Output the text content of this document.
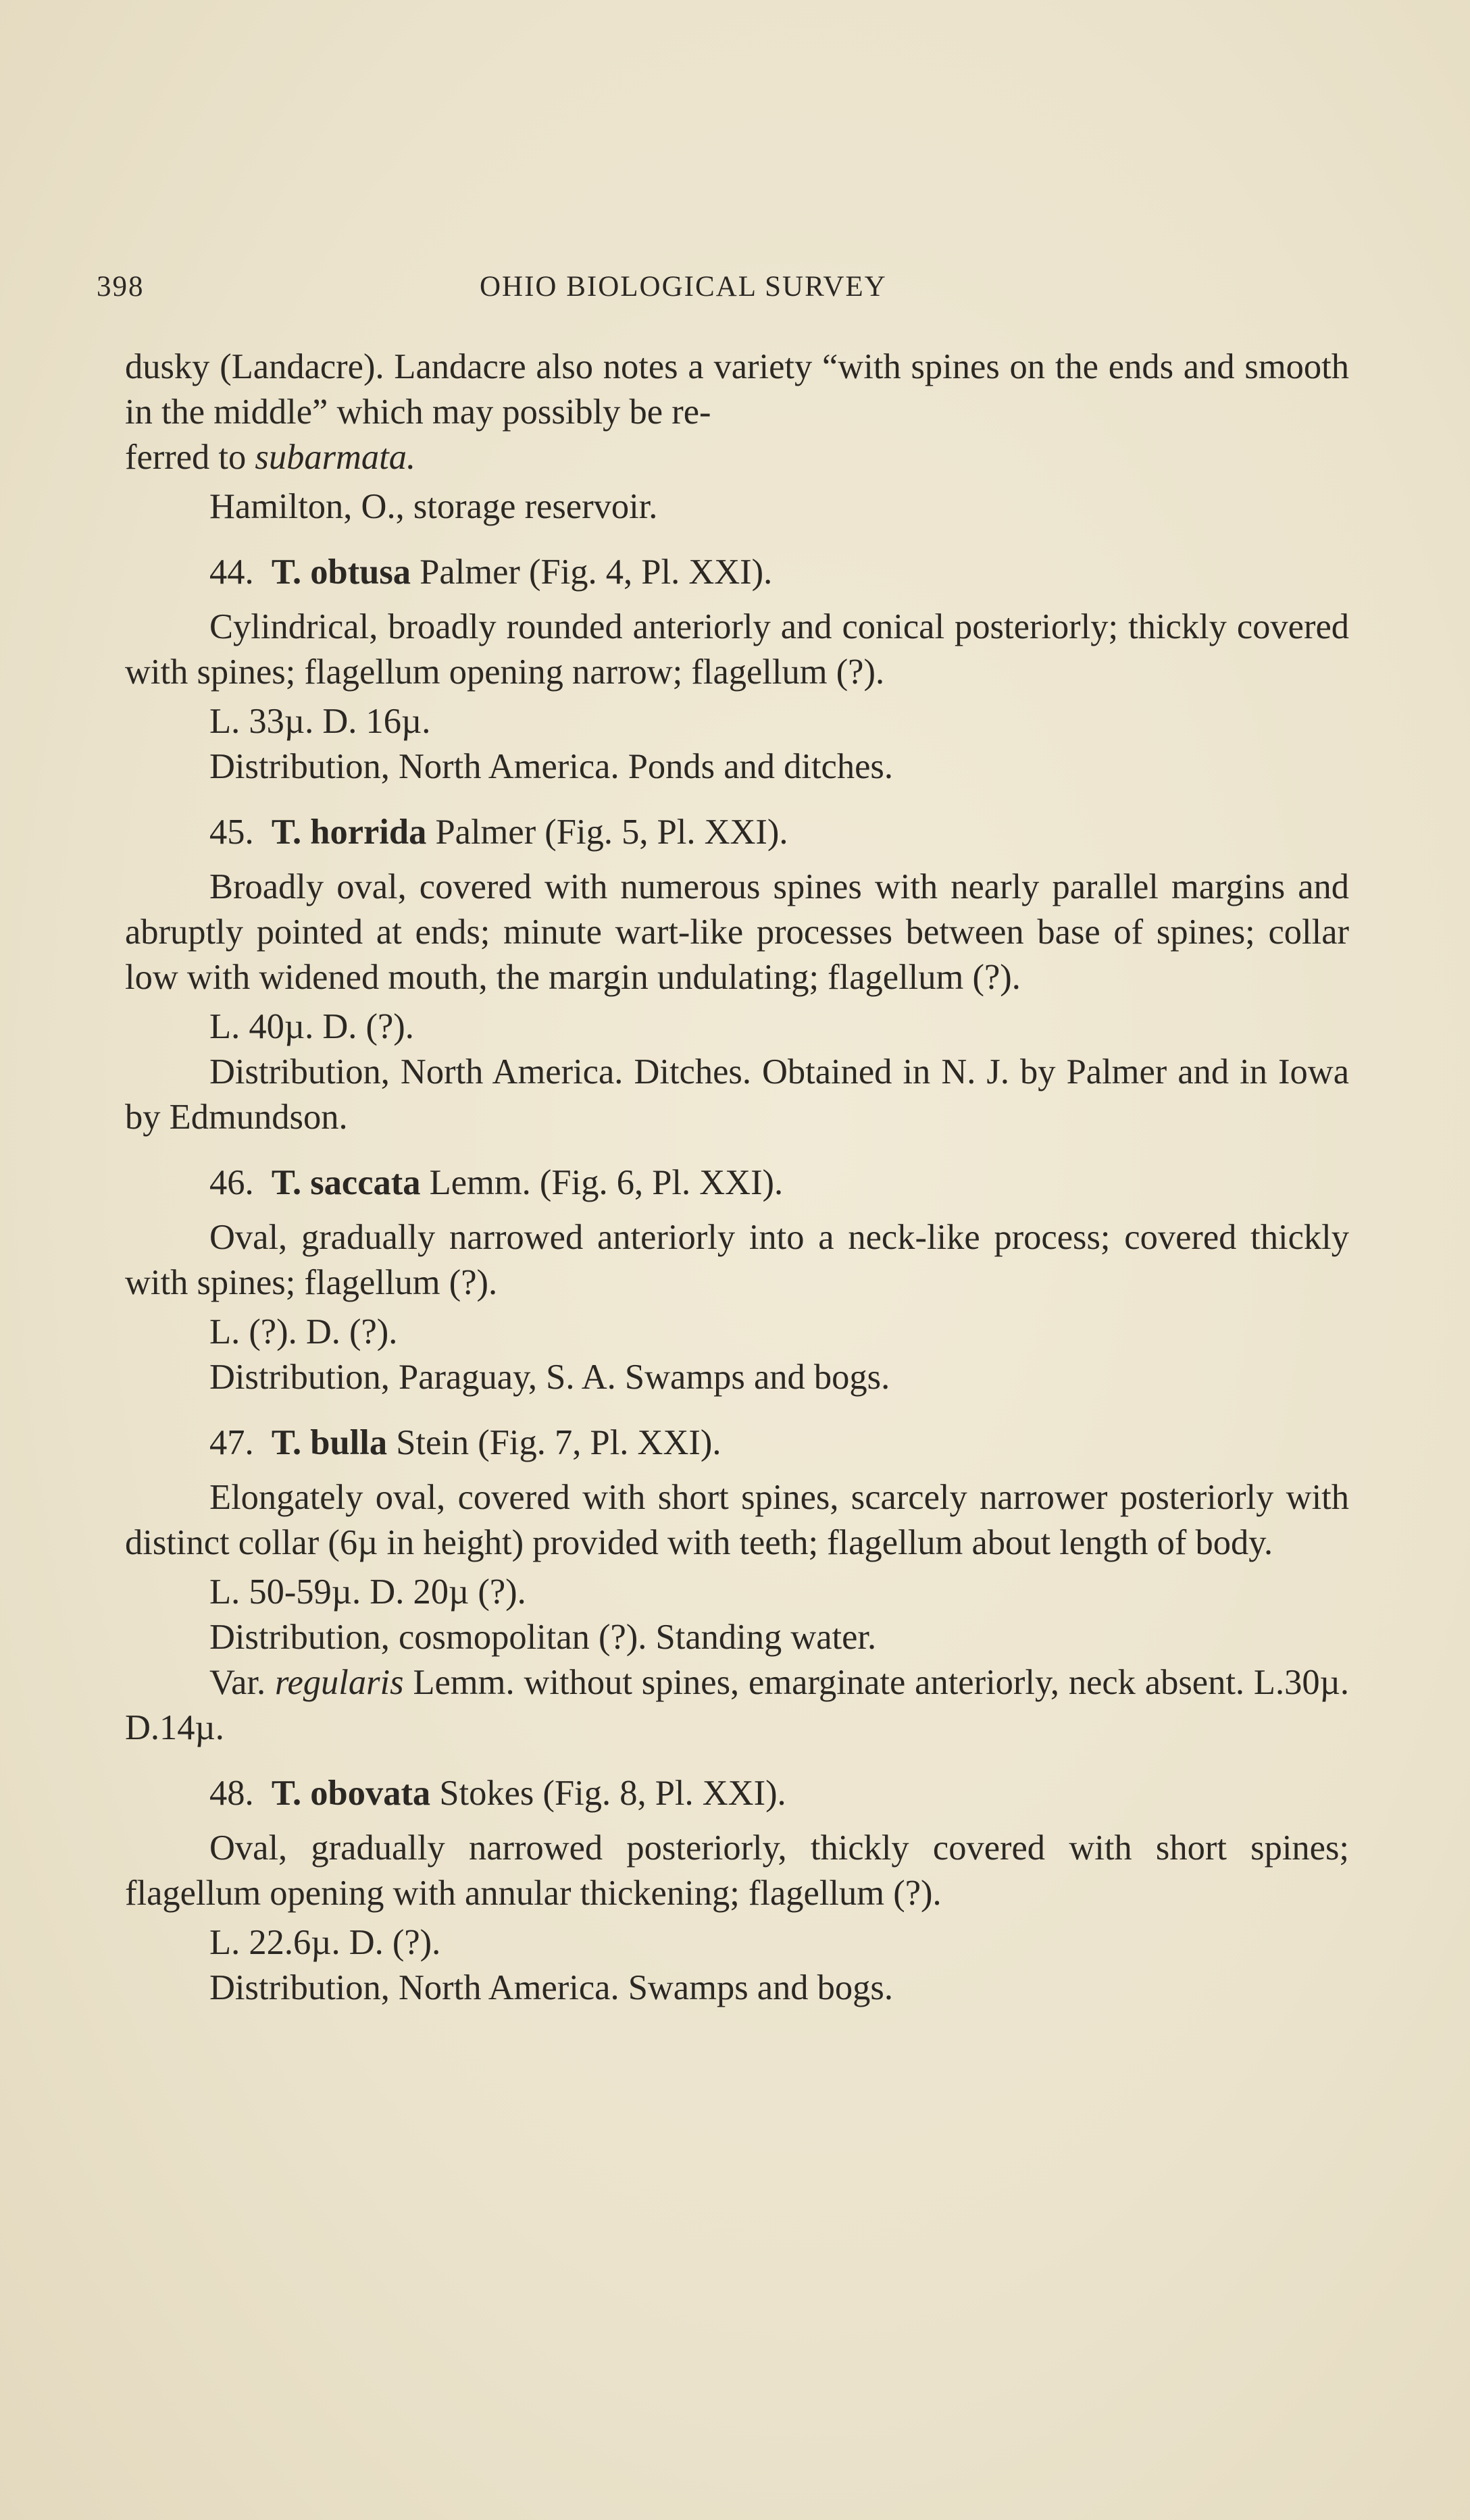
398	OHIO BIOLOGICAL SURVEY

dusky (Landacre). Landacre also notes a variety “with spines on the ends and smooth in the middle” which may possibly be re-
ferred to subarmata.

Hamilton, O., storage reservoir.

44. T. obtusa Palmer (Fig. 4, Pl. XXI).

Cylindrical, broadly rounded anteriorly and conical posteriorly; thickly covered with spines; flagellum opening narrow; flagellum (?).

L. 33µ. D. 16µ.

Distribution, North America. Ponds and ditches.

45. T. horrida Palmer (Fig. 5, Pl. XXI).

Broadly oval, covered with numerous spines with nearly parallel margins and abruptly pointed at ends; minute wart-like processes between base of spines; collar low with widened mouth, the margin undulating; flagellum (?).

L. 40µ. D. (?).

Distribution, North America. Ditches. Obtained in N. J. by Palmer and in Iowa by Edmundson.

46. T. saccata Lemm. (Fig. 6, Pl. XXI).

Oval, gradually narrowed anteriorly into a neck-like process; covered thickly with spines; flagellum (?).

L. (?). D. (?).

Distribution, Paraguay, S. A. Swamps and bogs.

47. T. bulla Stein (Fig. 7, Pl. XXI).

Elongately oval, covered with short spines, scarcely narrower posteriorly with distinct collar (6µ in height) provided with teeth; flagellum about length of body.

L. 50-59µ. D. 20µ (?).

Distribution, cosmopolitan (?). Standing water.

Var. regularis Lemm. without spines, emarginate anteriorly, neck absent. L.30µ. D.14µ.

48. T. obovata Stokes (Fig. 8, Pl. XXI).

Oval, gradually narrowed posteriorly, thickly covered with short spines; flagellum opening with annular thickening; flagellum (?).

L. 22.6µ. D. (?).

Distribution, North America. Swamps and bogs.
